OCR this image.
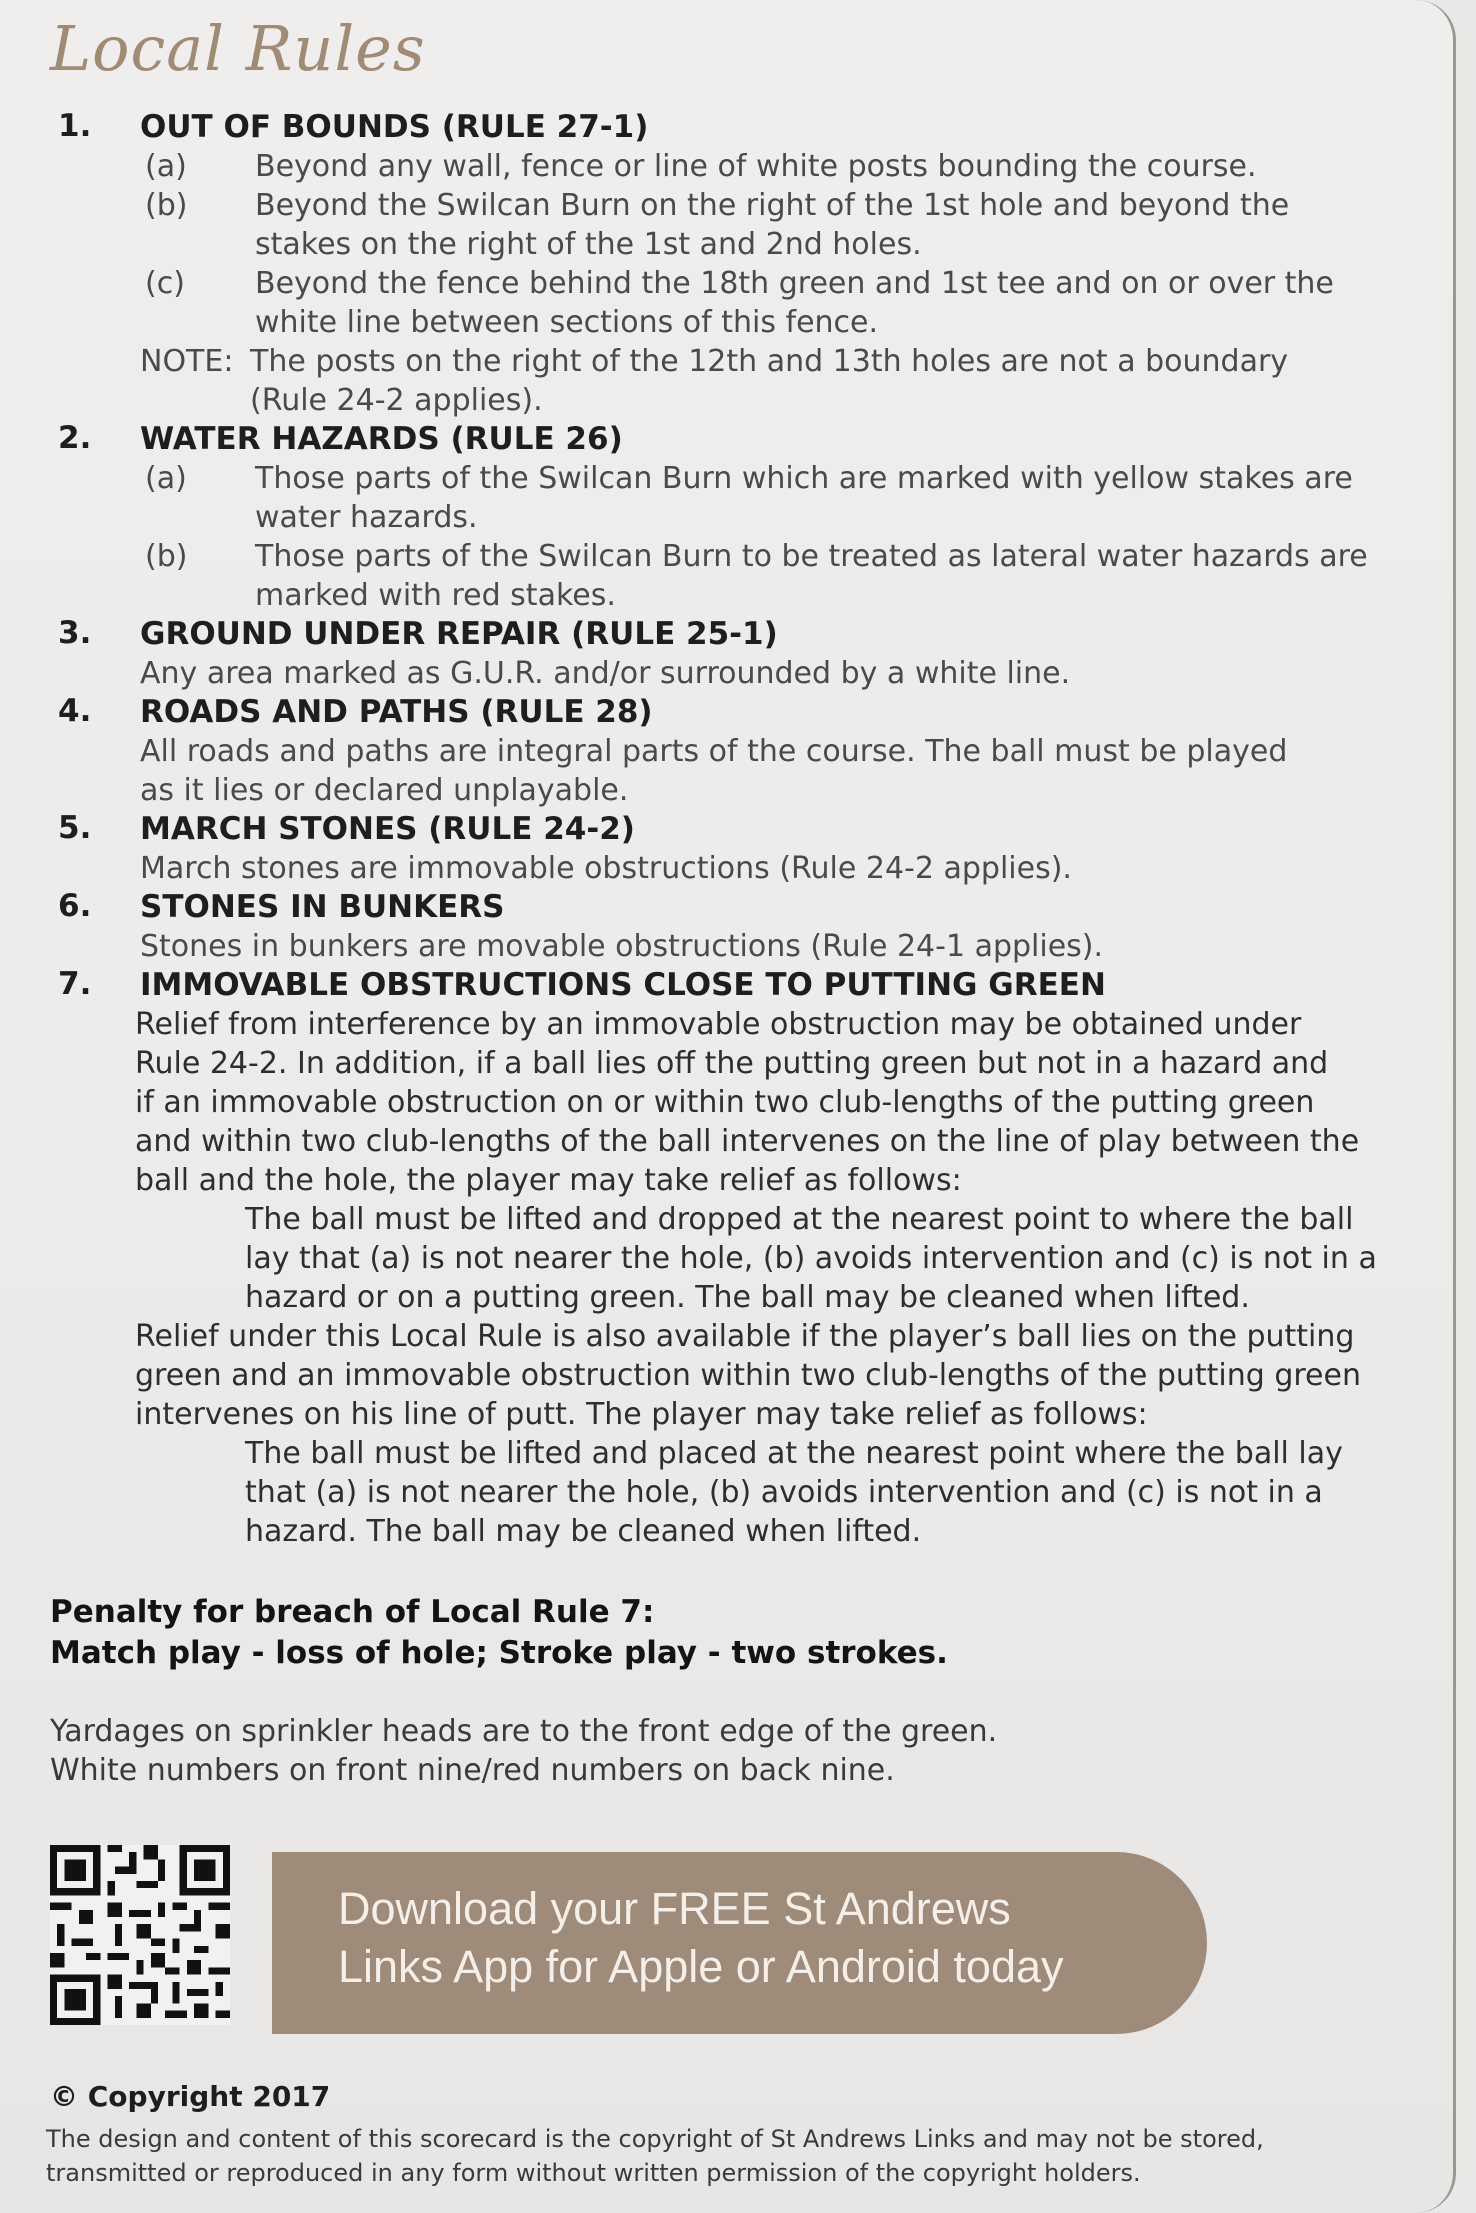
Local Rules
1. OUT OF BOUNDS (RULE 27-1)
(a) Beyond any wall, fence or line of white posts bounding the course.
(b) Beyond the Swilcan Burn on the right of the 1st hole and beyond the
stakes on the right of the 1st and 2nd holes.
(c) Beyond the fence behind the 18th green and 1st tee and on or over the
white line between sections of this fence.
NOTE: The posts on the right of the 12th and 13th holes are not a boundary
(Rule 24-2 applies).
2. WATER HAZARDS (RULE 26)
(a) Those parts of the Swilcan Burn which are marked with yellow stakes are
water hazards.
(b) Those parts of the Swilcan Burn to be treated as lateral water hazards are
marked with red stakes.
3. GROUND UNDER REPAIR (RULE 25-1)
Any area marked as G.U.R. and/or surrounded by a white line.
4. ROADS AND PATHS (RULE 28)
All roads and paths are integral parts of the course. The ball must be played
as it lies or declared unplayable.
5. MARCH STONES (RULE 24-2)
March stones are immovable obstructions (Rule 24-2 applies).
6. STONES IN BUNKERS
Stones in bunkers are movable obstructions (Rule 24-1 applies).
7. IMMOVABLE OBSTRUCTIONS CLOSE TO PUTTING GREEN
Relief from interference by an immovable obstruction may be obtained under
Rule 24-2. In addition, if a ball lies off the putting green but not in a hazard and
if an immovable obstruction on or within two club-lengths of the putting green
and within two club-lengths of the ball intervenes on the line of play between the
ball and the hole, the player may take relief as follows:
The ball must be lifted and dropped at the nearest point to where the ball
lay that (a) is not nearer the hole, (b) avoids intervention and (c) is not in a
hazard or on a putting green. The ball may be cleaned when lifted.
Relief under this Local Rule is also available if the player’s ball lies on the putting
green and an immovable obstruction within two club-lengths of the putting green
intervenes on his line of putt. The player may take relief as follows:
The ball must be lifted and placed at the nearest point where the ball lay
that (a) is not nearer the hole, (b) avoids intervention and (c) is not in a
hazard. The ball may be cleaned when lifted.
Penalty for breach of Local Rule 7:
Match play - loss of hole; Stroke play - two strokes.
Yardages on sprinkler heads are to the front edge of the green.
White numbers on front nine/red numbers on back nine.
Download your FREE St Andrews
Links App for Apple or Android today
© Copyright 2017
The design and content of this scorecard is the copyright of St Andrews Links and may not be stored,
transmitted or reproduced in any form without written permission of the copyright holders.
